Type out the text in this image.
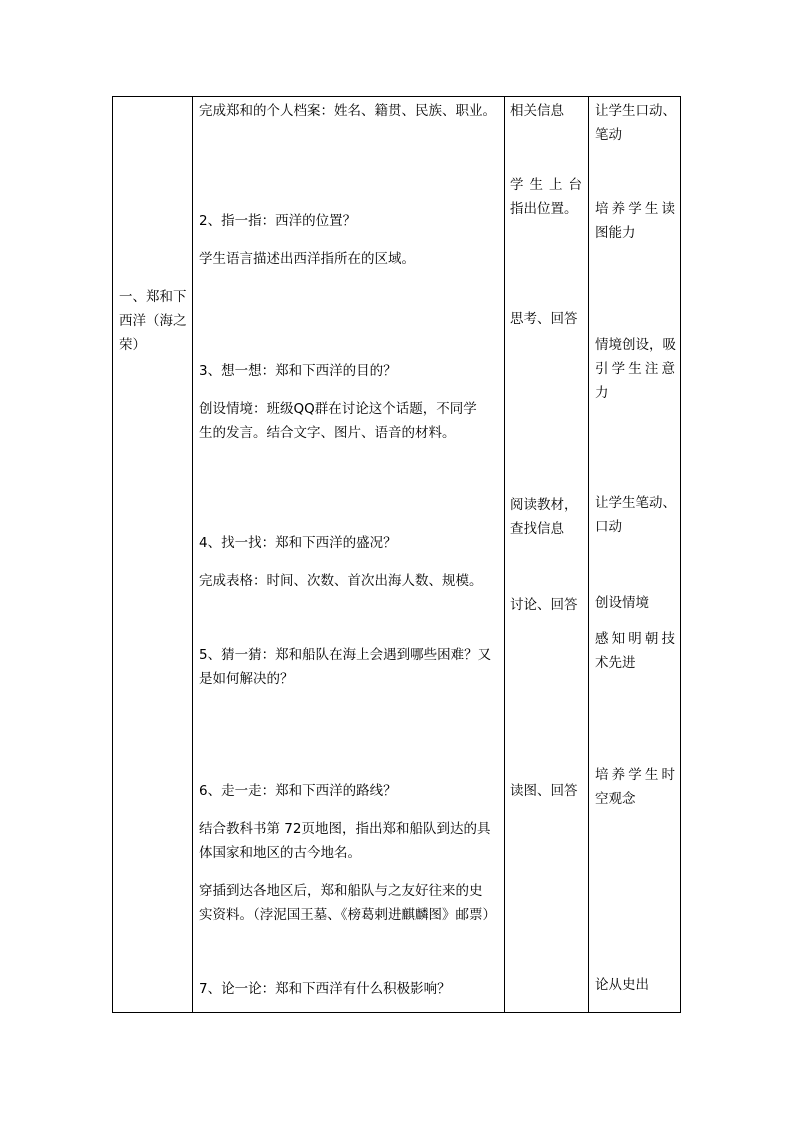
一、郑和下
西洋（海之
荣）
完成郑和的个人档案：姓名、籍贯、民族、职业。
2、指一指：西洋的位置？
学生语言描述出西洋指所在的区域。
3、想一想：郑和下西洋的目的？
创设情境：班级QQ群在讨论这个话题，不同学
生的发言。结合文字、图片、语音的材料。
4、找一找：郑和下西洋的盛况？
完成表格：时间、次数、首次出海人数、规模。
5、猜一猜：郑和船队在海上会遇到哪些困难？又
是如何解决的？
6、走一走：郑和下西洋的路线？
结合教科书第 72页地图，指出郑和船队到达的具
体国家和地区的古今地名。
穿插到达各地区后，郑和船队与之友好往来的史
实资料。（浡泥国王墓、《榜葛剌进麒麟图》邮票）
7、论一论：郑和下西洋有什么积极影响？
相关信息
学生上台
指出位置。
思考、回答
阅读教材，
查找信息
讨论、回答
读图、回答
让学生口动、
笔动
培养学生读
图能力
情境创设，吸
引学生注意
力
让学生笔动、
口动
创设情境
感知明朝技
术先进
培养学生时
空观念
论从史出
